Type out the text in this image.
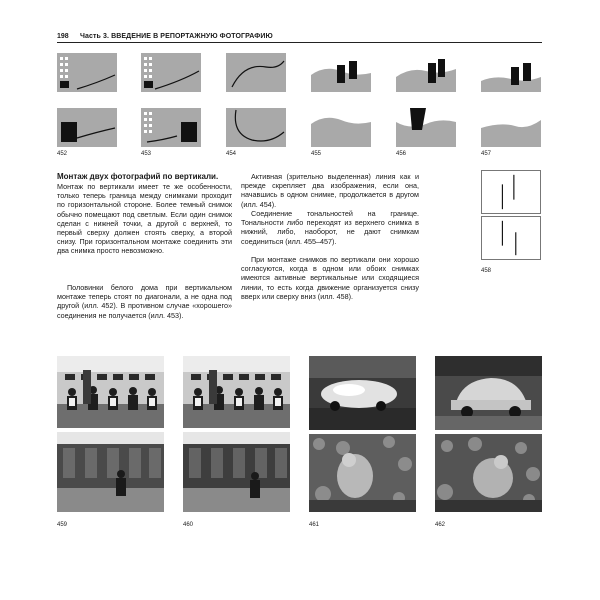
198 Часть 3. ВВЕДЕНИЕ В РЕПОРТАЖНУЮ ФОТОГРАФИЮ
452	453	454	455	456	457
458
Монтаж двух фотографий по вертикали.

Монтаж по вертикали имеет те же особенности, только теперь граница между снимками проходит по горизонтальной стороне. Более темный снимок обычно помещают под светлым. Если один снимок сделан с нижней точки, а другой с верхней, то первый сверху должен стоять сверху, а второй снизу. При горизонтальном монтаже соединить эти два снимка просто невозможно.

Половинки белого дома при вертикальном монтаже теперь стоят по диагонали, а не одна под другой (илл. 452). В противном случае «хорошего» соединения не получается (илл. 453).

Активная (зрительно выделенная) линия как и прежде скрепляет два изображения, если она, начавшись в одном снимке, продолжается в другом (илл. 454).

Соединение тональностей на границе. Тональности либо переходят из верхнего снимка в нижний, либо, наоборот, не дают снимкам соединиться (илл. 455–457).

При монтаже снимков по вертикали они хорошо согласуются, когда в одном или обоих снимках имеются активные вертикальные или сходящиеся линии, то есть когда движение организуется снизу вверх или сверху вниз (илл. 458).

459	460	461	462
